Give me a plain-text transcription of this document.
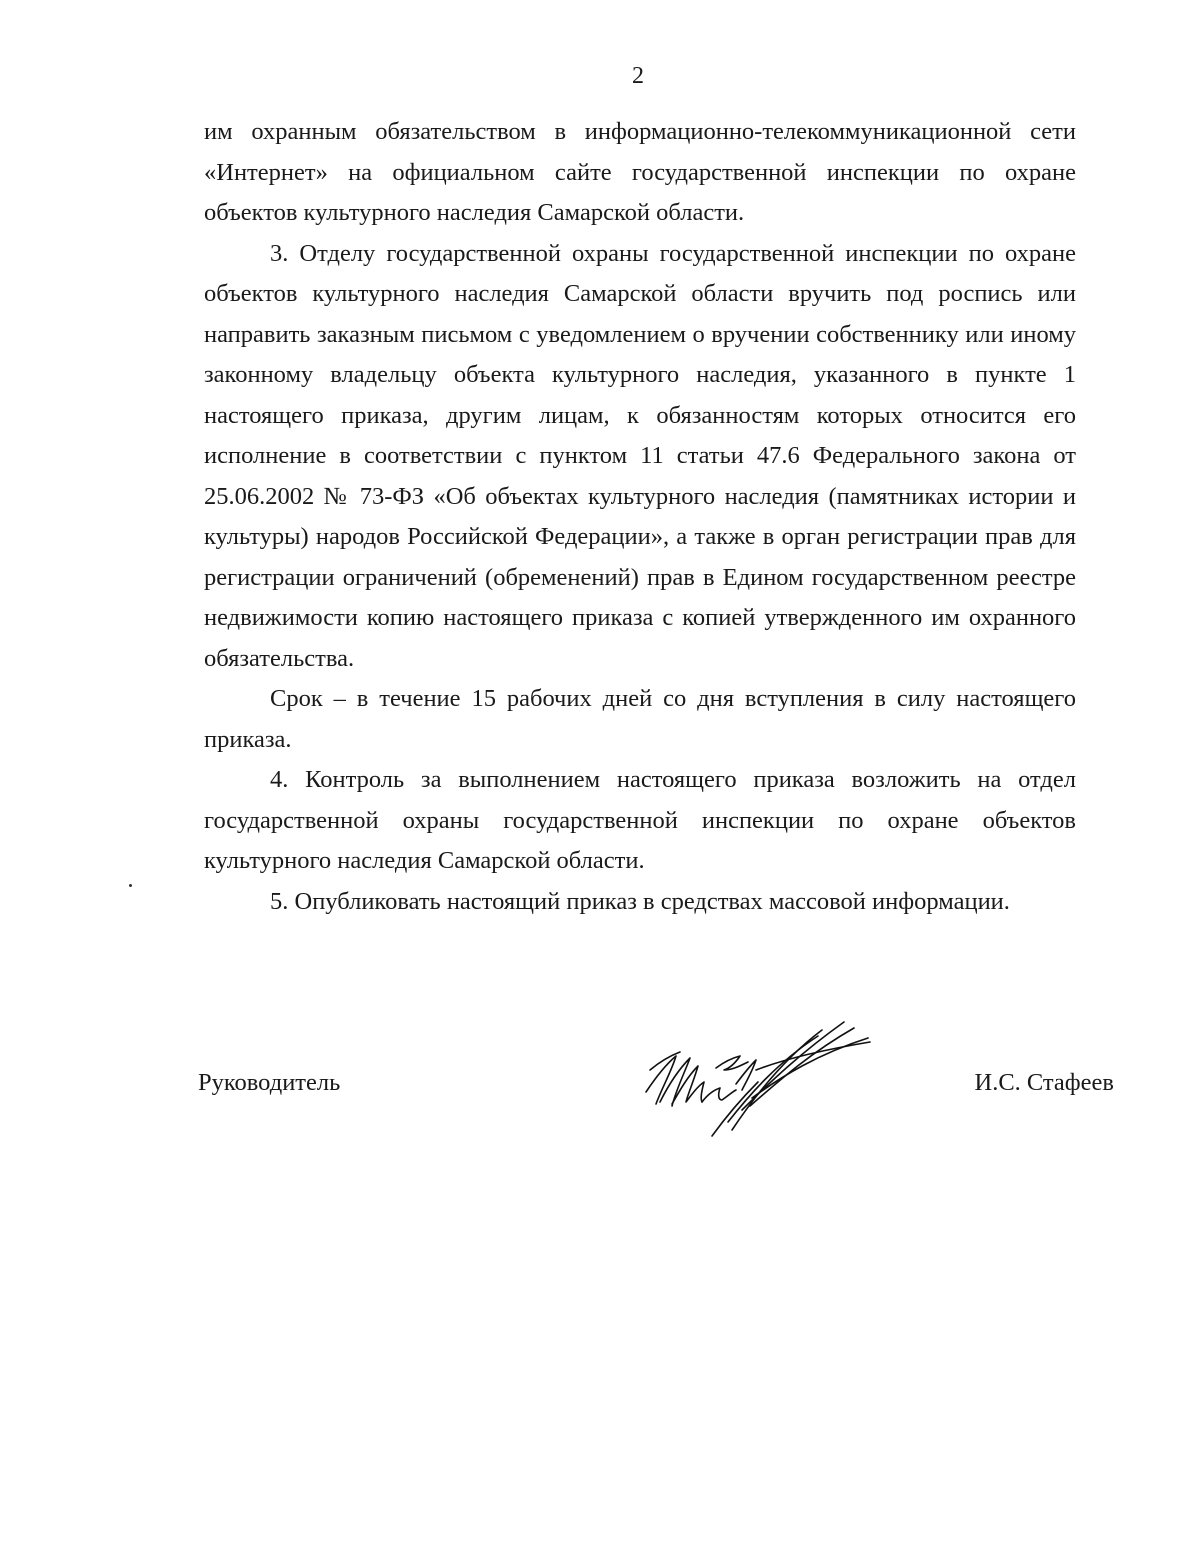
2

им охранным обязательством в информационно-телекоммуникационной сети «Интернет» на официальном сайте государственной инспекции по охране объектов культурного наследия Самарской области.

3. Отделу государственной охраны государственной инспекции по охране объектов культурного наследия Самарской области вручить под роспись или направить заказным письмом с уведомлением о вручении собственнику или иному законному владельцу объекта культурного наследия, указанного в пункте 1 настоящего приказа, другим лицам, к обязанностям которых относится его исполнение в соответствии с пунктом 11 статьи 47.6 Федерального закона от 25.06.2002 № 73-ФЗ «Об объектах культурного наследия (памятниках истории и культуры) народов Российской Федерации», а также в орган регистрации прав для регистрации ограничений (обременений) прав в Едином государственном реестре недвижимости копию настоящего приказа с копией утвержденного им охранного обязательства.

Срок – в течение 15 рабочих дней со дня вступления в силу настоящего приказа.

4. Контроль за выполнением настоящего приказа возложить на отдел государственной охраны государственной инспекции по охране объектов культурного наследия Самарской области.

5. Опубликовать настоящий приказ в средствах массовой информации.

Руководитель	И.С. Стафеев
